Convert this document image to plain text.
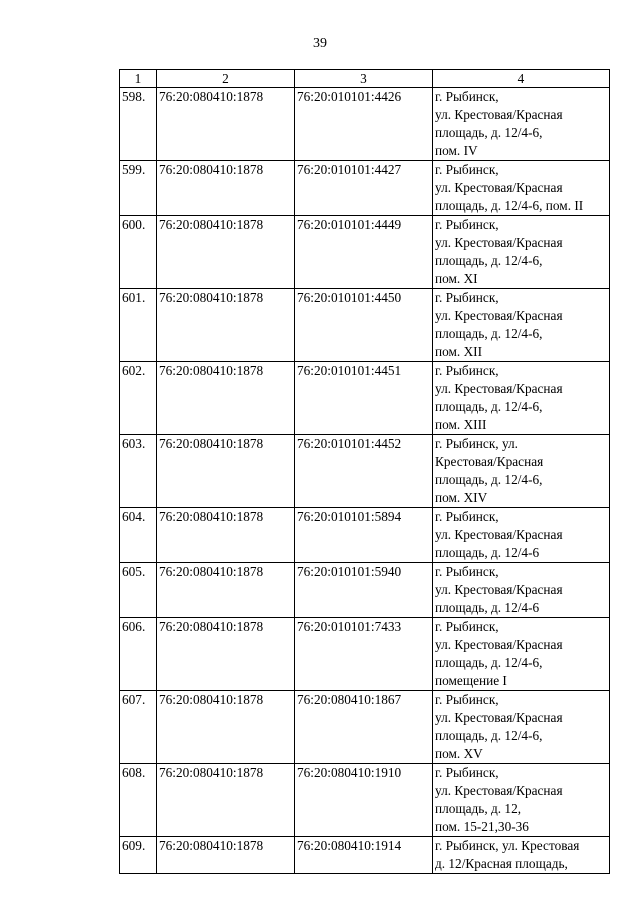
39
1	2	3	4
598.	76:20:080410:1878	76:20:010101:4426	г. Рыбинск,
ул. Крестовая/Красная
площадь, д. 12/4-6,
пом. IV

599.	76:20:080410:1878	76:20:010101:4427	г. Рыбинск,
ул. Крестовая/Красная
площадь, д. 12/4-6, пом. II

600.	76:20:080410:1878	76:20:010101:4449	г. Рыбинск,
ул. Крестовая/Красная
площадь, д. 12/4-6,
пом. XI

601.	76:20:080410:1878	76:20:010101:4450	г. Рыбинск,
ул. Крестовая/Красная
площадь, д. 12/4-6,
пом. XII

602.	76:20:080410:1878	76:20:010101:4451	г. Рыбинск,
ул. Крестовая/Красная
площадь, д. 12/4-6,
пом. XIII

603.	76:20:080410:1878	76:20:010101:4452	г. Рыбинск, ул.
Крестовая/Красная
площадь, д. 12/4-6,
пом. XIV

604.	76:20:080410:1878	76:20:010101:5894	г. Рыбинск,
ул. Крестовая/Красная
площадь, д. 12/4-6

605.	76:20:080410:1878	76:20:010101:5940	г. Рыбинск,
ул. Крестовая/Красная
площадь, д. 12/4-6

606.	76:20:080410:1878	76:20:010101:7433	г. Рыбинск,
ул. Крестовая/Красная
площадь, д. 12/4-6,
помещение I

607.	76:20:080410:1878	76:20:080410:1867	г. Рыбинск,
ул. Крестовая/Красная
площадь, д. 12/4-6,
пом. XV

608.	76:20:080410:1878	76:20:080410:1910	г. Рыбинск,
ул. Крестовая/Красная
площадь, д. 12,
пом. 15-21,30-36

609.	76:20:080410:1878	76:20:080410:1914	г. Рыбинск, ул. Крестовая
д. 12/Красная площадь,
